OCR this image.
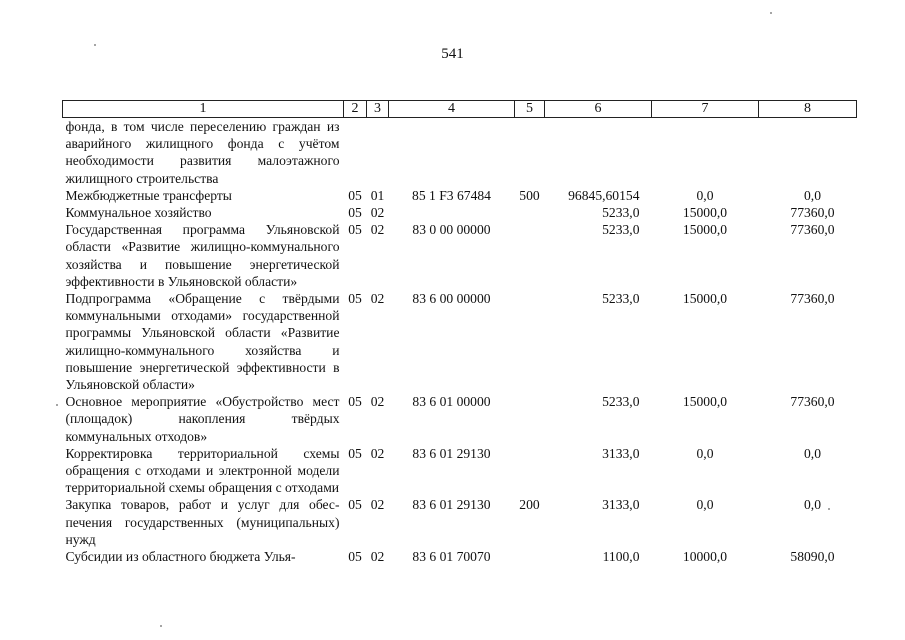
541
1	2	3	4	5	6	7	8
фонда, в том числе переселению граждан из аварийного жилищного фонда с учётом необходимости развития малоэтажного жилищного строительства							
Межбюджетные трансферты	05	01	85 1 F3 67484	500	96845,60154	0,0	0,0
Коммунальное хозяйство	05	02			5233,0	15000,0	77360,0
Государственная программа Ульяновской области «Развитие жилищно-коммунального хозяйства и повышение энергетической эффективности в Ульяновской области»	05	02	83 0 00 00000		5233,0	15000,0	77360,0
Подпрограмма «Обращение с твёрдыми коммунальными отходами» государственной программы Ульяновской области «Развитие жилищно-коммунального хозяйства и повышение энергетической эффективности в Ульяновской области»	05	02	83 6 00 00000		5233,0	15000,0	77360,0
Основное мероприятие «Обустройство мест (площадок) накопления твёрдых коммунальных отходов»	05	02	83 6 01 00000		5233,0	15000,0	77360,0
Корректировка территориальной схемы обращения с отходами и электронной модели территориальной схемы обращения с отходами	05	02	83 6 01 29130		3133,0	0,0	0,0
Закупка товаров, работ и услуг для обеспечения государственных (муниципальных) нужд	05	02	83 6 01 29130	200	3133,0	0,0	0,0
Субсидии из областного бюджета Улья-	05	02	83 6 01 70070		1100,0	10000,0	58090,0
